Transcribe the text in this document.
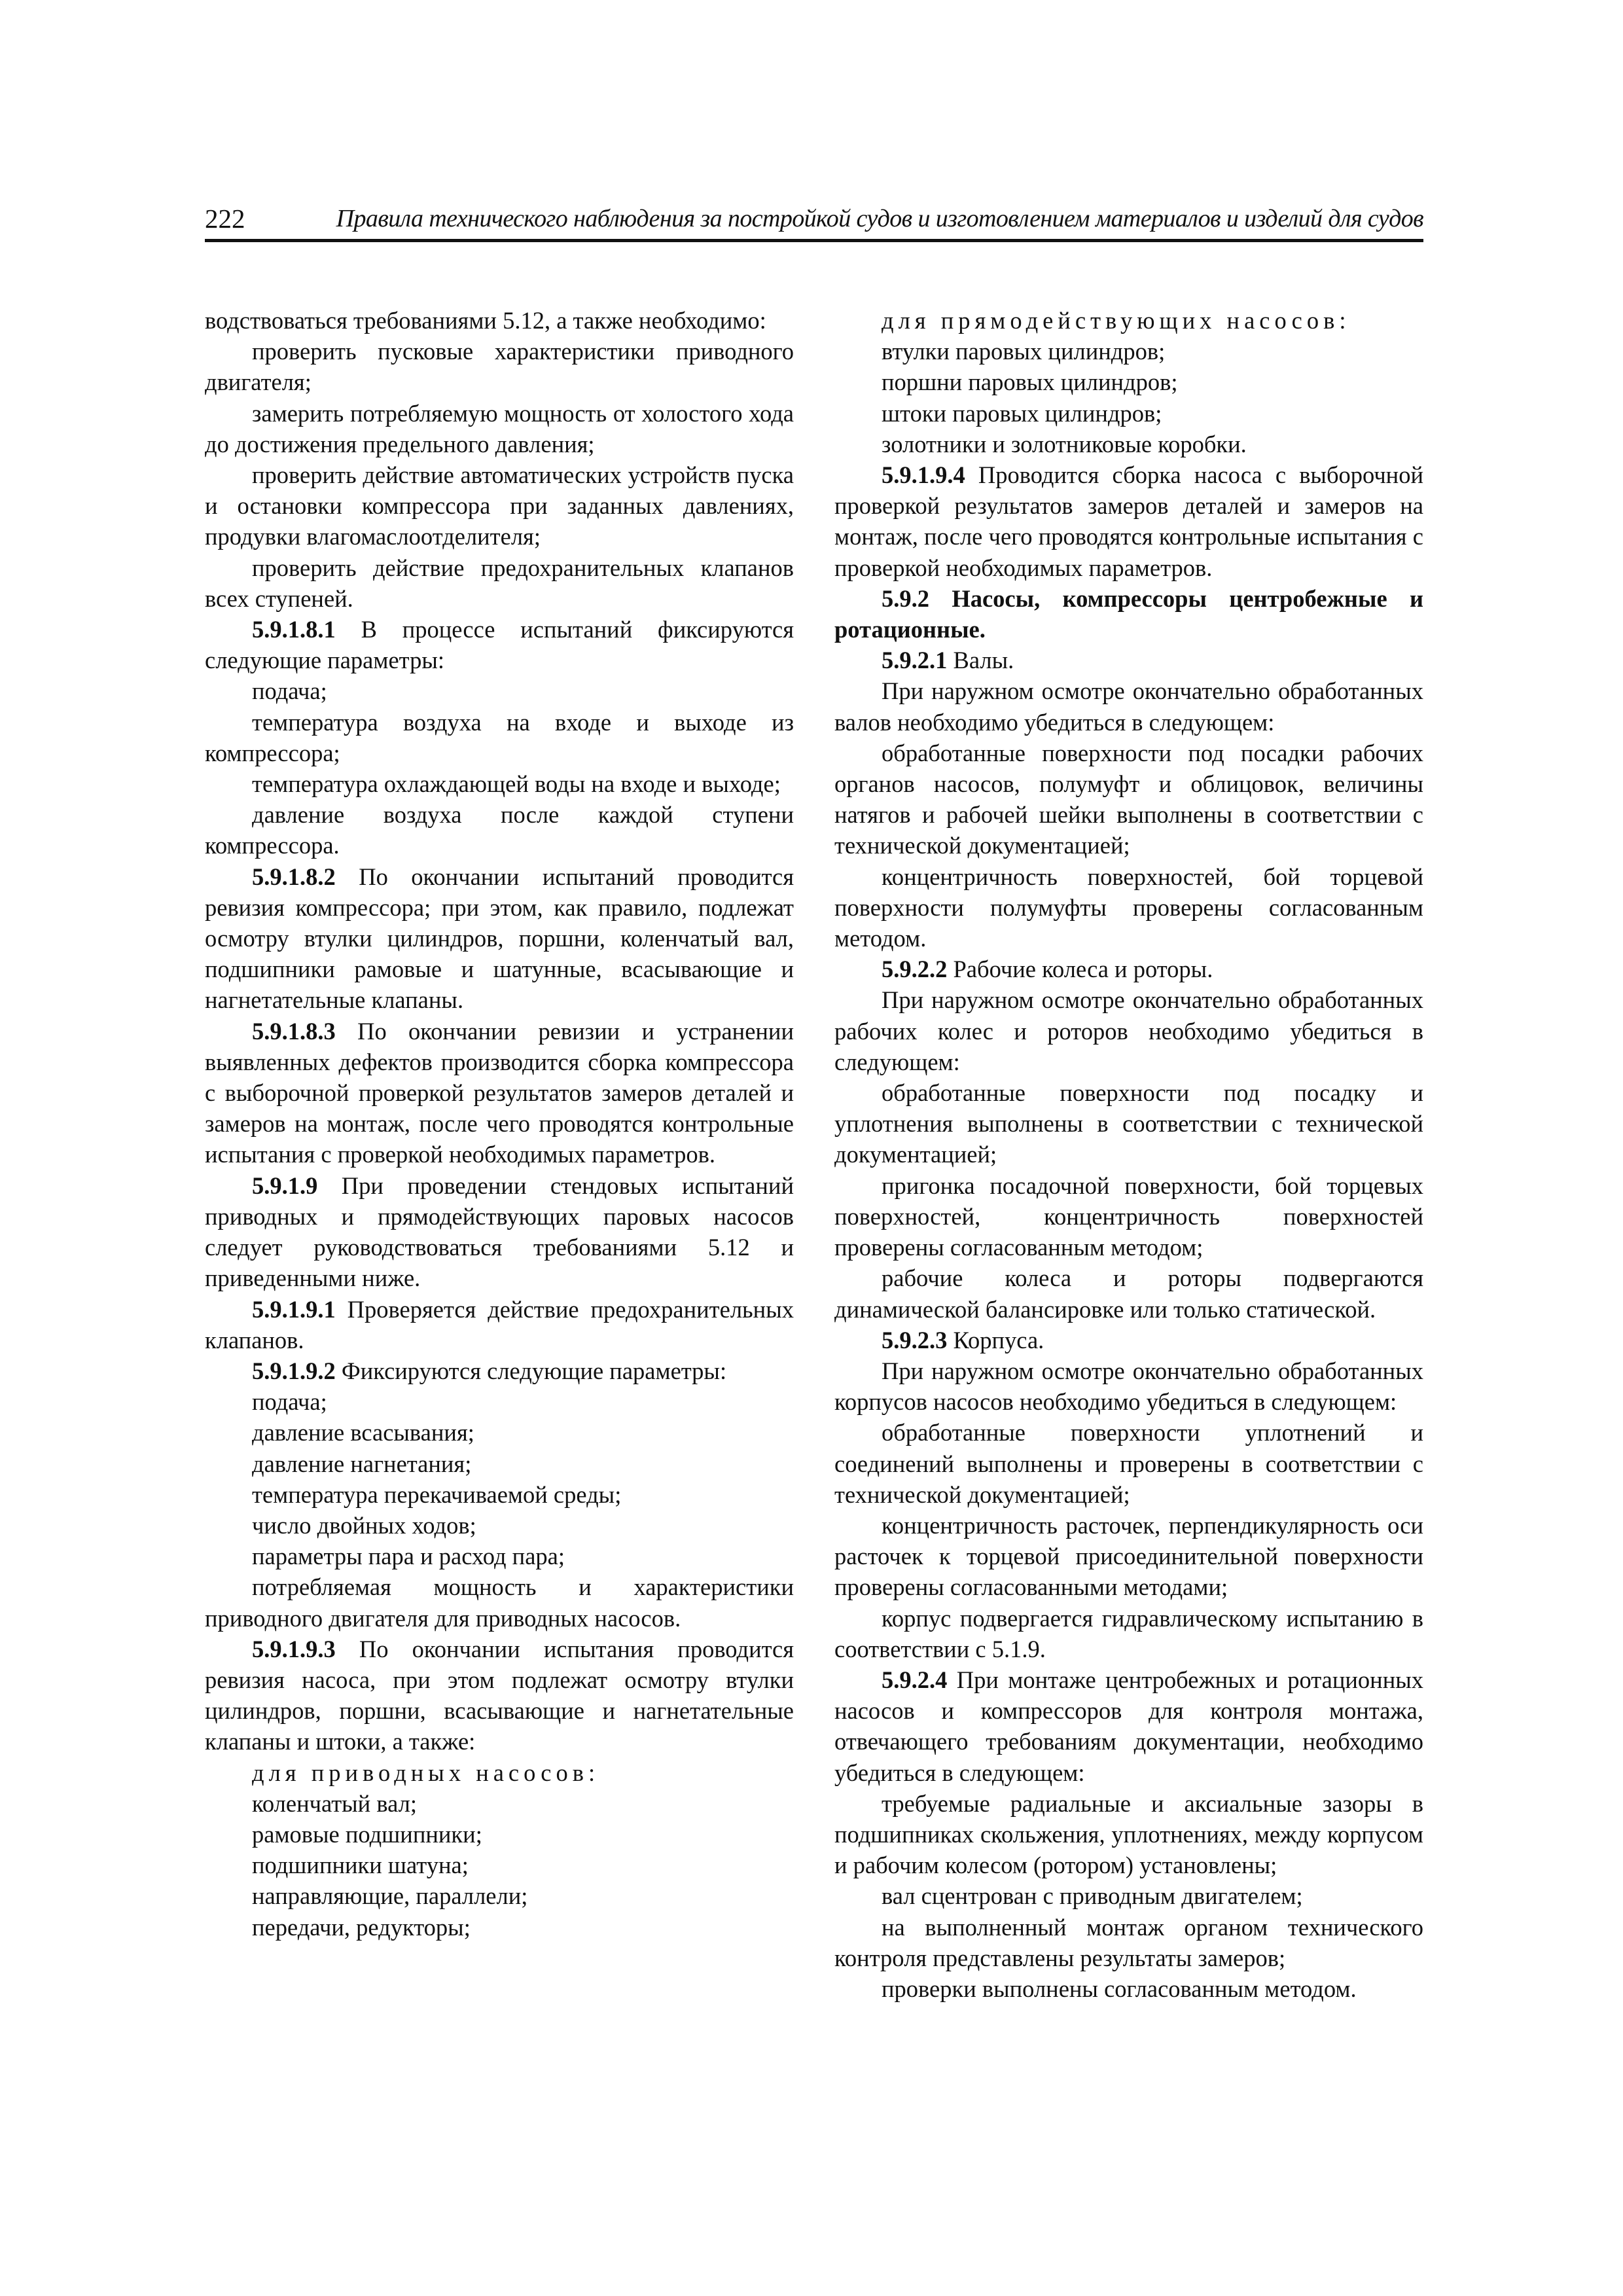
222	Правила технического наблюдения за постройкой судов и изготовлением материалов и изделий для судов

водствоваться требованиями 5.12, а также необходимо:

проверить пусковые характеристики приводного двигателя;

замерить потребляемую мощность от холостого хода до достижения предельного давления;

проверить действие автоматических устройств пуска и остановки компрессора при заданных давлениях, продувки влагомаслоотделителя;

проверить действие предохранительных клапанов всех ступеней.

5.9.1.8.1 В процессе испытаний фиксируются следующие параметры:

подача;

температура воздуха на входе и выходе из компрессора;

температура охлаждающей воды на входе и выходе;

давление воздуха после каждой ступени компрессора.

5.9.1.8.2 По окончании испытаний проводится ревизия компрессора; при этом, как правило, подлежат осмотру втулки цилиндров, поршни, коленчатый вал, подшипники рамовые и шатунные, всасывающие и нагнетательные клапаны.

5.9.1.8.3 По окончании ревизии и устранении выявленных дефектов производится сборка компрессора с выборочной проверкой результатов замеров деталей и замеров на монтаж, после чего проводятся контрольные испытания с проверкой необходимых параметров.

5.9.1.9 При проведении стендовых испытаний приводных и прямодействующих паровых насосов следует руководствоваться требованиями 5.12 и приведенными ниже.

5.9.1.9.1 Проверяется действие предохранительных клапанов.

5.9.1.9.2 Фиксируются следующие параметры:

подача;

давление всасывания;

давление нагнетания;

температура перекачиваемой среды;

число двойных ходов;

параметры пара и расход пара;

потребляемая мощность и характеристики приводного двигателя для приводных насосов.

5.9.1.9.3 По окончании испытания проводится ревизия насоса, при этом подлежат осмотру втулки цилиндров, поршни, всасывающие и нагнетательные клапаны и штоки, а также:

для приводных насосов:

коленчатый вал;

рамовые подшипники;

подшипники шатуна;

направляющие, параллели;

передачи, редукторы;

для прямодействующих насосов:

втулки паровых цилиндров;

поршни паровых цилиндров;

штоки паровых цилиндров;

золотники и золотниковые коробки.

5.9.1.9.4 Проводится сборка насоса с выборочной проверкой результатов замеров деталей и замеров на монтаж, после чего проводятся контрольные испытания с проверкой необходимых параметров.

5.9.2 Насосы, компрессоры центробежные и ротационные.

5.9.2.1 Валы.

При наружном осмотре окончательно обработанных валов необходимо убедиться в следующем:

обработанные поверхности под посадки рабочих органов насосов, полумуфт и облицовок, величины натягов и рабочей шейки выполнены в соответствии с технической документацией;

концентричность поверхностей, бой торцевой поверхности полумуфты проверены согласованным методом.

5.9.2.2 Рабочие колеса и роторы.

При наружном осмотре окончательно обработанных рабочих колес и роторов необходимо убедиться в следующем:

обработанные поверхности под посадку и уплотнения выполнены в соответствии с технической документацией;

пригонка посадочной поверхности, бой торцевых поверхностей, концентричность поверхностей проверены согласованным методом;

рабочие колеса и роторы подвергаются динамической балансировке или только статической.

5.9.2.3 Корпуса.

При наружном осмотре окончательно обработанных корпусов насосов необходимо убедиться в следующем:

обработанные поверхности уплотнений и соединений выполнены и проверены в соответствии с технической документацией;

концентричность расточек, перпендикулярность оси расточек к торцевой присоединительной поверхности проверены согласованными методами;

корпус подвергается гидравлическому испытанию в соответствии с 5.1.9.

5.9.2.4 При монтаже центробежных и ротационных насосов и компрессоров для контроля монтажа, отвечающего требованиям документации, необходимо убедиться в следующем:

требуемые радиальные и аксиальные зазоры в подшипниках скольжения, уплотнениях, между корпусом и рабочим колесом (ротором) установлены;

вал сцентрован с приводным двигателем;

на выполненный монтаж органом технического контроля представлены результаты замеров;

проверки выполнены согласованным методом.
